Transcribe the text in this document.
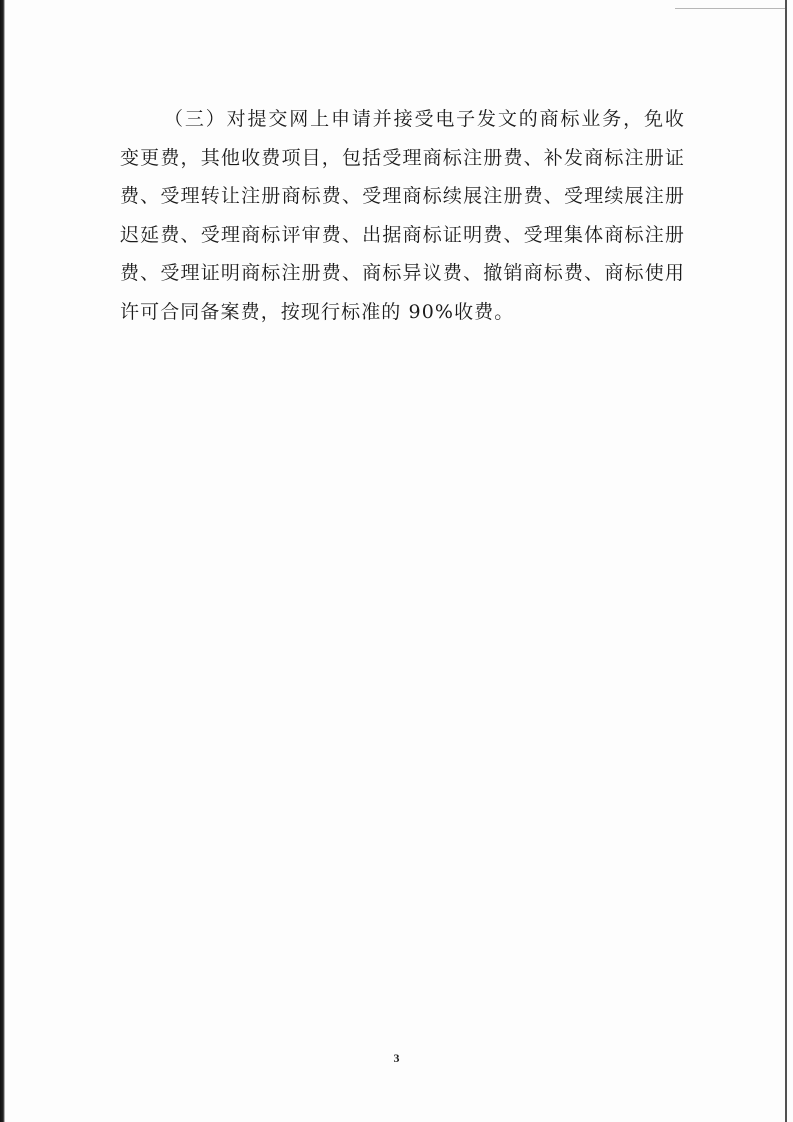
（三）对提交网上申请并接受电子发文的商标业务，免收变更费，其他收费项目，包括受理商标注册费、补发商标注册证费、受理转让注册商标费、受理商标续展注册费、受理续展注册迟延费、受理商标评审费、出据商标证明费、受理集体商标注册费、受理证明商标注册费、商标异议费、撤销商标费、商标使用许可合同备案费，按现行标准的 90%收费。

3
